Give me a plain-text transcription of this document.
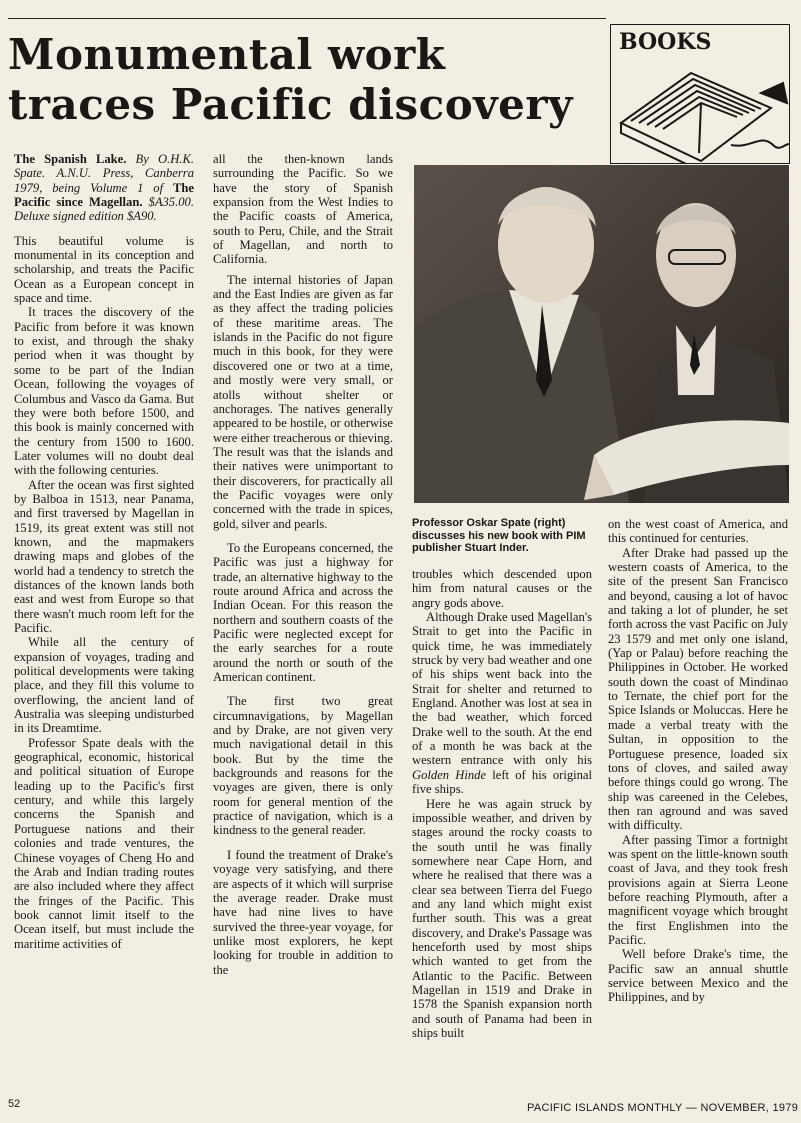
Monumental work
traces Pacific discovery
BOOKS

The Spanish Lake. By O.H.K. Spate. A.N.U. Press, Canberra 1979, being Volume 1 of The Pacific since Magellan. $A35.00. Deluxe signed edition $A90.

This beautiful volume is monumental in its conception and scholarship, and treats the Pacific Ocean as a European concept in space and time.

It traces the discovery of the Pacific from before it was known to exist, and through the shaky period when it was thought by some to be part of the Indian Ocean, following the voyages of Columbus and Vasco da Gama. But they were both before 1500, and this book is mainly concerned with the century from 1500 to 1600. Later volumes will no doubt deal with the following centuries.

After the ocean was first sighted by Balboa in 1513, near Panama, and first traversed by Magellan in 1519, its great extent was still not known, and the mapmakers drawing maps and globes of the world had a tendency to stretch the distances of the known lands both east and west from Europe so that there wasn't much room left for the Pacific.

While all the century of expansion of voyages, trading and political developments were taking place, and they fill this volume to overflowing, the ancient land of Australia was sleeping undisturbed in its Dreamtime.

Professor Spate deals with the geographical, economic, historical and political situation of Europe leading up to the Pacific's first century, and while this largely concerns the Spanish and Portuguese nations and their colonies and trade ventures, the Chinese voyages of Cheng Ho and the Arab and Indian trading routes are also included where they affect the fringes of the Pacific. This book cannot limit itself to the Ocean itself, but must include the maritime activities of

all the then-known lands surrounding the Pacific. So we have the story of Spanish expansion from the West Indies to the Pacific coasts of America, south to Peru, Chile, and the Strait of Magellan, and north to California.

The internal histories of Japan and the East Indies are given as far as they affect the trading policies of these maritime areas. The islands in the Pacific do not figure much in this book, for they were discovered one or two at a time, and mostly were very small, or atolls without shelter or anchorages. The natives generally appeared to be hostile, or otherwise were either treacherous or thieving. The result was that the islands and their natives were unimportant to their discoverers, for practically all the Pacific voyages were only concerned with the trade in spices, gold, silver and pearls.

To the Europeans concerned, the Pacific was just a highway for trade, an alternative highway to the route around Africa and across the Indian Ocean. For this reason the northern and southern coasts of the Pacific were neglected except for the early searches for a route around the north or south of the American continent.

The first two great circumnavigations, by Magellan and by Drake, are not given very much navigational detail in this book. But by the time the backgrounds and reasons for the voyages are given, there is only room for general mention of the practice of navigation, which is a kindness to the general reader.

I found the treatment of Drake's voyage very satisfying, and there are aspects of it which will surprise the average reader. Drake must have had nine lives to have survived the three-year voyage, for unlike most explorers, he kept looking for trouble in addition to the

Professor Oskar Spate (right) discusses his new book with PIM publisher Stuart Inder.

troubles which descended upon him from natural causes or the angry gods above.

Although Drake used Magellan's Strait to get into the Pacific in quick time, he was immediately struck by very bad weather and one of his ships went back into the Strait for shelter and returned to England. Another was lost at sea in the bad weather, which forced Drake well to the south. At the end of a month he was back at the western entrance with only his Golden Hinde left of his original five ships.

Here he was again struck by impossible weather, and driven by stages around the rocky coasts to the south until he was finally somewhere near Cape Horn, and where he realised that there was a clear sea between Tierra del Fuego and any land which might exist further south. This was a great discovery, and Drake's Passage was henceforth used by most ships which wanted to get from the Atlantic to the Pacific. Between Magellan in 1519 and Drake in 1578 the Spanish expansion north and south of Panama had been in ships built

on the west coast of America, and this continued for centuries.

After Drake had passed up the western coasts of America, to the site of the present San Francisco and beyond, causing a lot of havoc and taking a lot of plunder, he set forth across the vast Pacific on July 23 1579 and met only one island, (Yap or Palau) before reaching the Philippines in October. He worked south down the coast of Mindinao to Ternate, the chief port for the Spice Islands or Moluccas. Here he made a verbal treaty with the Sultan, in opposition to the Portuguese presence, loaded six tons of cloves, and sailed away before things could go wrong. The ship was careened in the Celebes, then ran aground and was saved with difficulty.

After passing Timor a fortnight was spent on the little-known south coast of Java, and they took fresh provisions again at Sierra Leone before reaching Plymouth, after a magnificent voyage which brought the first Englishmen into the Pacific.

Well before Drake's time, the Pacific saw an annual shuttle service between Mexico and the Philippines, and by

52	PACIFIC ISLANDS MONTHLY — NOVEMBER, 1979
